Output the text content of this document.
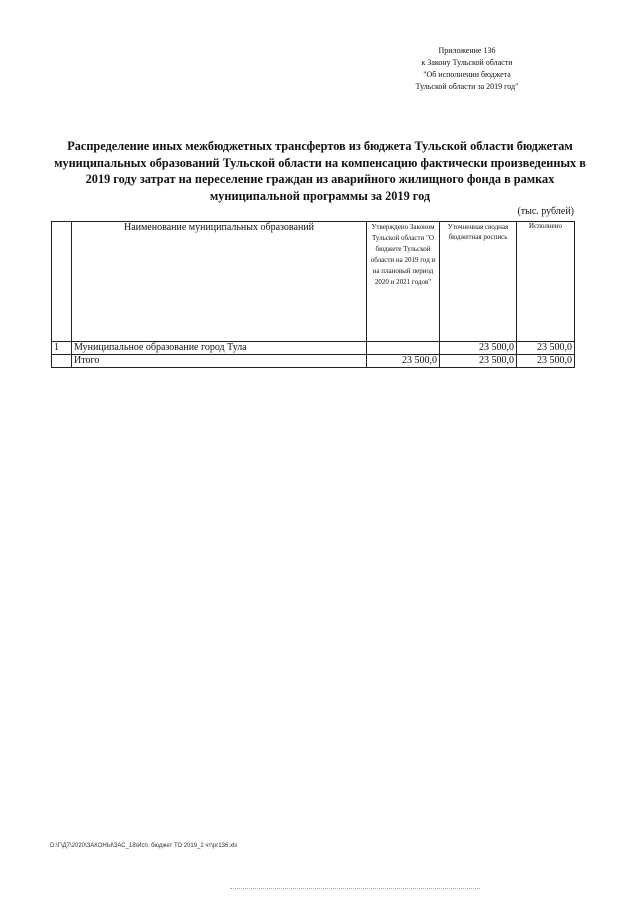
Приложение 136
к Закону Тульской области
"Об исполнении бюджета
Тульской области за 2019 год"
Распределение иных межбюджетных трансфертов из бюджета Тульской области бюджетам муниципальных образований Тульской области на компенсацию фактически произведенных в 2019 году затрат на переселение граждан из аварийного жилищного фонда в рамках муниципальной программы за 2019 год
(тыс. рублей)
	Наименование муниципальных образований	Утверждено Законом Тульской области "О бюджете Тульской области на 2019 год и на плановый период 2020 и 2021 годов"	Уточненная сводная бюджетная роспись	Исполнено
1	Муниципальное образование город Тула		23 500,0	23 500,0
	Итого	23 500,0	23 500,0	23 500,0
D:\Г\Д7\2020\ЗАКОНЫ\ЗАС_18\Исп. бюджет ТО 2019_2 чт\pr136.xls
